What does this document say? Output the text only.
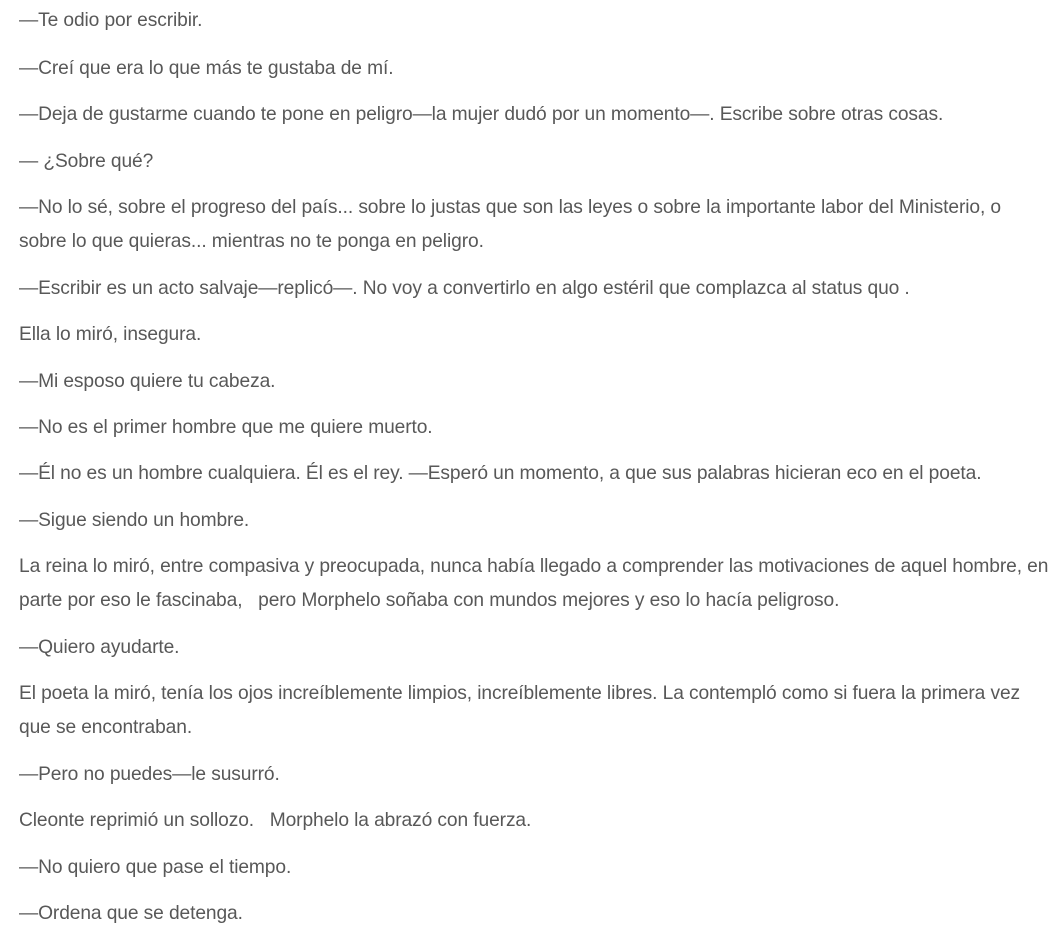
—Te odio por escribir.

—Creí que era lo que más te gustaba de mí.

—Deja de gustarme cuando te pone en peligro—la mujer dudó por un momento—. Escribe sobre otras cosas.

— ¿Sobre qué?

—No lo sé, sobre el progreso del país... sobre lo justas que son las leyes o sobre la importante labor del Ministerio, o sobre lo que quieras... mientras no te ponga en peligro.

—Escribir es un acto salvaje—replicó—. No voy a convertirlo en algo estéril que complazca al status quo .

Ella lo miró, insegura.

—Mi esposo quiere tu cabeza.

—No es el primer hombre que me quiere muerto.

—Él no es un hombre cualquiera. Él es el rey. —Esperó un momento, a que sus palabras hicieran eco en el poeta.

—Sigue siendo un hombre.

La reina lo miró, entre compasiva y preocupada, nunca había llegado a comprender las motivaciones de aquel hombre, en parte por eso le fascinaba,   pero Morphelo soñaba con mundos mejores y eso lo hacía peligroso.

—Quiero ayudarte.

El poeta la miró, tenía los ojos increíblemente limpios, increíblemente libres. La contempló como si fuera la primera vez que se encontraban.

—Pero no puedes—le susurró.

Cleonte reprimió un sollozo.   Morphelo la abrazó con fuerza.

—No quiero que pase el tiempo.

—Ordena que se detenga.
